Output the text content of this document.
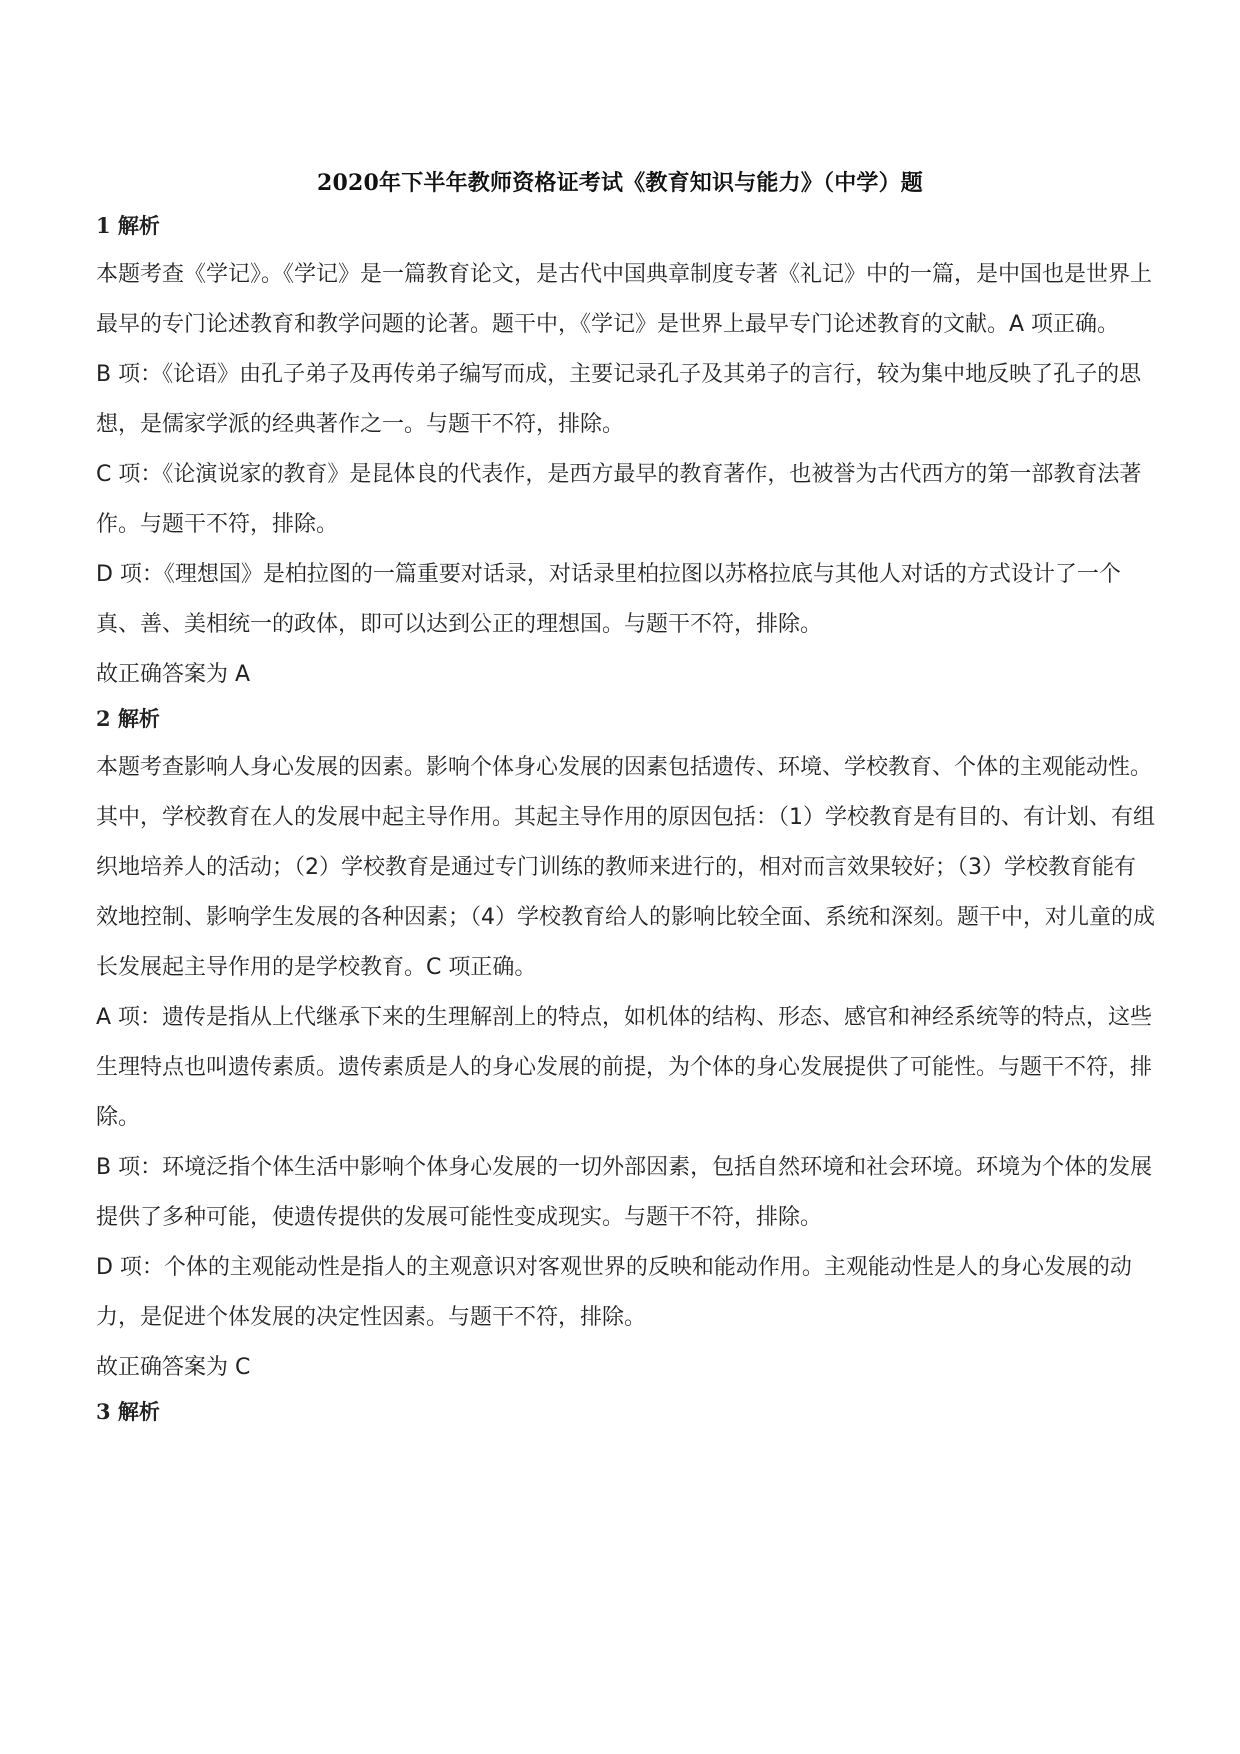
2020年下半年教师资格证考试《教育知识与能力》（中学）题
1 解析

本题考查《学记》。《学记》是一篇教育论文，是古代中国典章制度专著《礼记》中的一篇，是中国也是世界上最早的专门论述教育和教学问题的论著。题干中，《学记》是世界上最早专门论述教育的文献。A 项正确。

B 项：《论语》由孔子弟子及再传弟子编写而成，主要记录孔子及其弟子的言行，较为集中地反映了孔子的思想，是儒家学派的经典著作之一。与题干不符，排除。

C 项：《论演说家的教育》是昆体良的代表作，是西方最早的教育著作，也被誉为古代西方的第一部教育法著作。与题干不符，排除。

D 项：《理想国》是柏拉图的一篇重要对话录，对话录里柏拉图以苏格拉底与其他人对话的方式设计了一个真、善、美相统一的政体，即可以达到公正的理想国。与题干不符，排除。

故正确答案为 A

2 解析

本题考查影响人身心发展的因素。影响个体身心发展的因素包括遗传、环境、学校教育、个体的主观能动性。其中，学校教育在人的发展中起主导作用。其起主导作用的原因包括：（1）学校教育是有目的、有计划、有组织地培养人的活动；（2）学校教育是通过专门训练的教师来进行的，相对而言效果较好；（3）学校教育能有效地控制、影响学生发展的各种因素；（4）学校教育给人的影响比较全面、系统和深刻。题干中，对儿童的成长发展起主导作用的是学校教育。C 项正确。

A 项：遗传是指从上代继承下来的生理解剖上的特点，如机体的结构、形态、感官和神经系统等的特点，这些生理特点也叫遗传素质。遗传素质是人的身心发展的前提，为个体的身心发展提供了可能性。与题干不符，排除。

B 项：环境泛指个体生活中影响个体身心发展的一切外部因素，包括自然环境和社会环境。环境为个体的发展提供了多种可能，使遗传提供的发展可能性变成现实。与题干不符，排除。

D 项：个体的主观能动性是指人的主观意识对客观世界的反映和能动作用。主观能动性是人的身心发展的动力，是促进个体发展的决定性因素。与题干不符，排除。

故正确答案为 C

3 解析
